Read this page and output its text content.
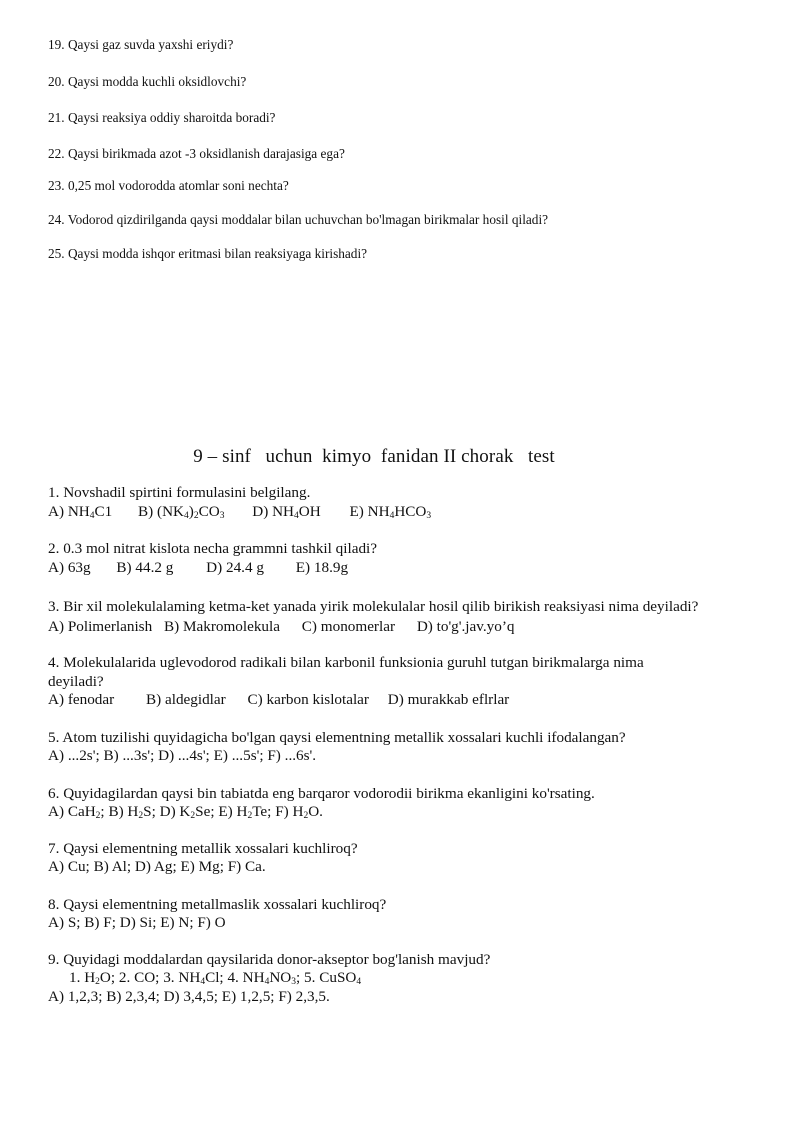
19. Qaysi gaz suvda yaxshi eriydi?
20. Qaysi modda kuchli oksidlovchi?
21. Qaysi reaksiya oddiy sharoitda boradi?
22. Qaysi birikmada azot -3 oksidlanish darajasiga ega?
23. 0,25 mol vodorodda atomlar soni nechta?
24. Vodorod qizdirilganda qaysi moddalar bilan uchuvchan bo'lmagan birikmalar hosil qiladi?
25. Qaysi modda ishqor eritmasi bilan reaksiyaga kirishadi?
9 – sinf   uchun  kimyo  fanidan II chorak   test
1. Novshadil spirtini formulasini belgilang.
A) $NH_4C1$ B) $(NK_4)_2CO_3$ D) $NH_4OH$ E) $NH_4HCO_3$
2. 0.3 mol nitrat kislota necha grammni tashkil qiladi?
A) 63g B) 44.2 g D) 24.4 g E) 18.9g
3. Bir xil molekulalaming ketma-ket yanada yirik molekulalar hosil qilib birikish reaksiyasi nima deyiladi?
A) Polimerlanish B) Makromolekula C) monomerlar D) to'g'.jav.yo’q
4. Molekulalarida uglevodorod radikali bilan karbonil funksionia guruhl tutgan birikmalarga nima
deyiladi?
A) fenodar B) aldegidlar C) karbon kislotalar D) murakkab eflrlar
5. Atom tuzilishi quyidagicha bo'lgan qaysi elementning metallik xossalari kuchli ifodalangan?
A) ...2s'; B) ...3s'; D) ...4s'; E) ...5s'; F) ...6s'.
6. Quyidagilardan qaysi bin tabiatda eng barqaror vodorodii birikma ekanligini ko'rsating.
A) CaH$_2$; B) $H_2S$; D) $K_2Se$; E) $H_2Te$; F) $H_2O$.
7. Qaysi elementning metallik xossalari kuchliroq?
A) Cu; B) Al; D) Ag; E) Mg; F) Ca.
8. Qaysi elementning metallmaslik xossalari kuchliroq?
A) S; B) F; D) Si; E) N; F) O
9. Quyidagi moddalardan qaysilarida donor-akseptor bog'lanish mavjud?
1. $H_2O$; 2. CO; 3. $NH_4Cl$; 4. $NH_4NO_3$; 5. CuSO$_4$
A) 1,2,3; B) 2,3,4; D) 3,4,5; E) 1,2,5; F) 2,3,5.
